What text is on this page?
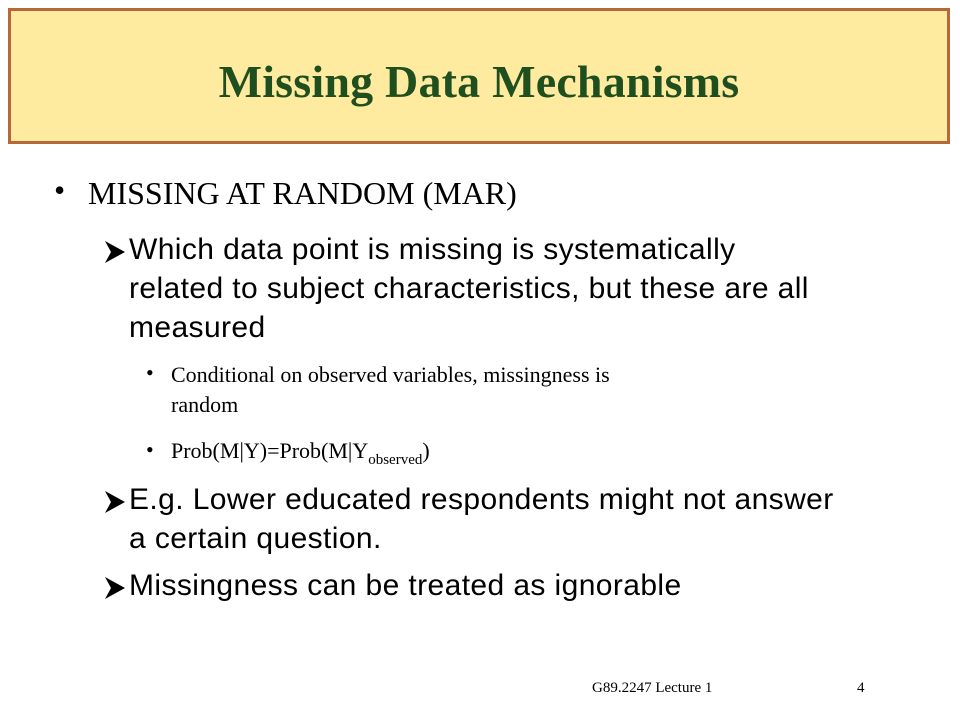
Missing Data Mechanisms
• MISSING AT RANDOM (MAR)
Which data point is missing is systematically
related to subject characteristics, but these are all
measured
• Conditional on observed variables, missingness is
random
• $Prob(M|Y)=Prob(M|Y_{observed})$
E.g. Lower educated respondents might not answer
a certain question.
Missingness can be treated as ignorable
G89.2247 Lecture 1	4
